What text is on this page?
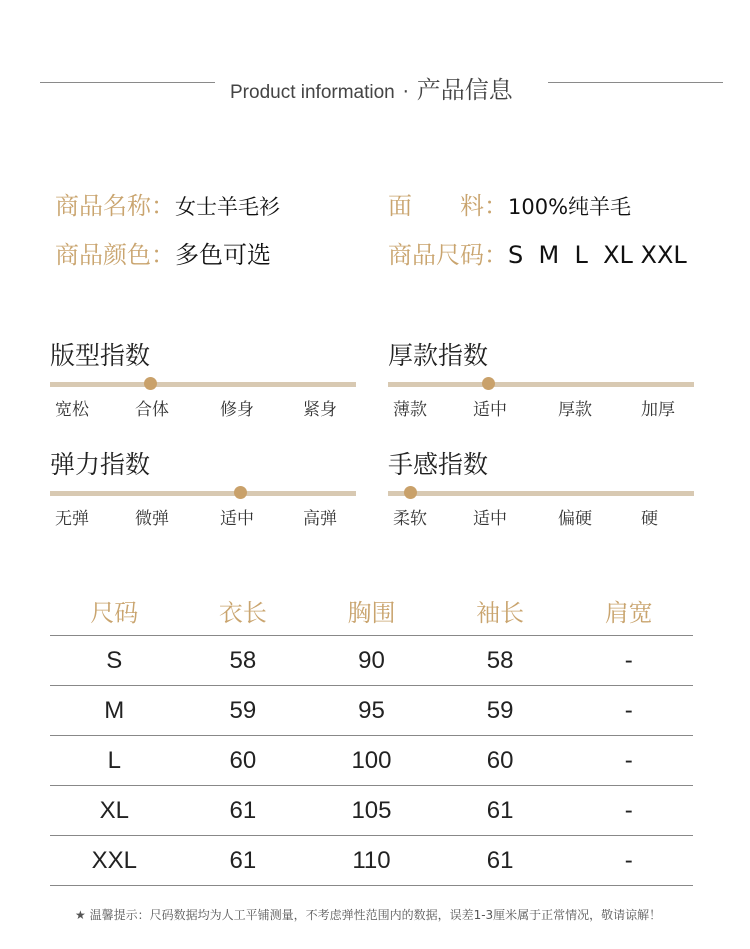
Product information · 产品信息
商品名称：女士羊毛衫	面　　料：100%纯羊毛
商品颜色：多色可选	商品尺码：S  M  L  XL XXL
版型指数
宽松	合体	修身	紧身
厚款指数
薄款	适中	厚款	加厚
弹力指数
无弹	微弹	适中	高弹
手感指数
柔软	适中	偏硬	硬
尺码	衣长	胸围	袖长	肩宽
S	58	90	58	-
M	59	95	59	-
L	60	100	60	-
XL	61	105	61	-
XXL	61	110	61	-
★ 温馨提示：尺码数据均为人工平铺测量，不考虑弹性范围内的数据，误差1-3厘米属于正常情况，敬请谅解！
